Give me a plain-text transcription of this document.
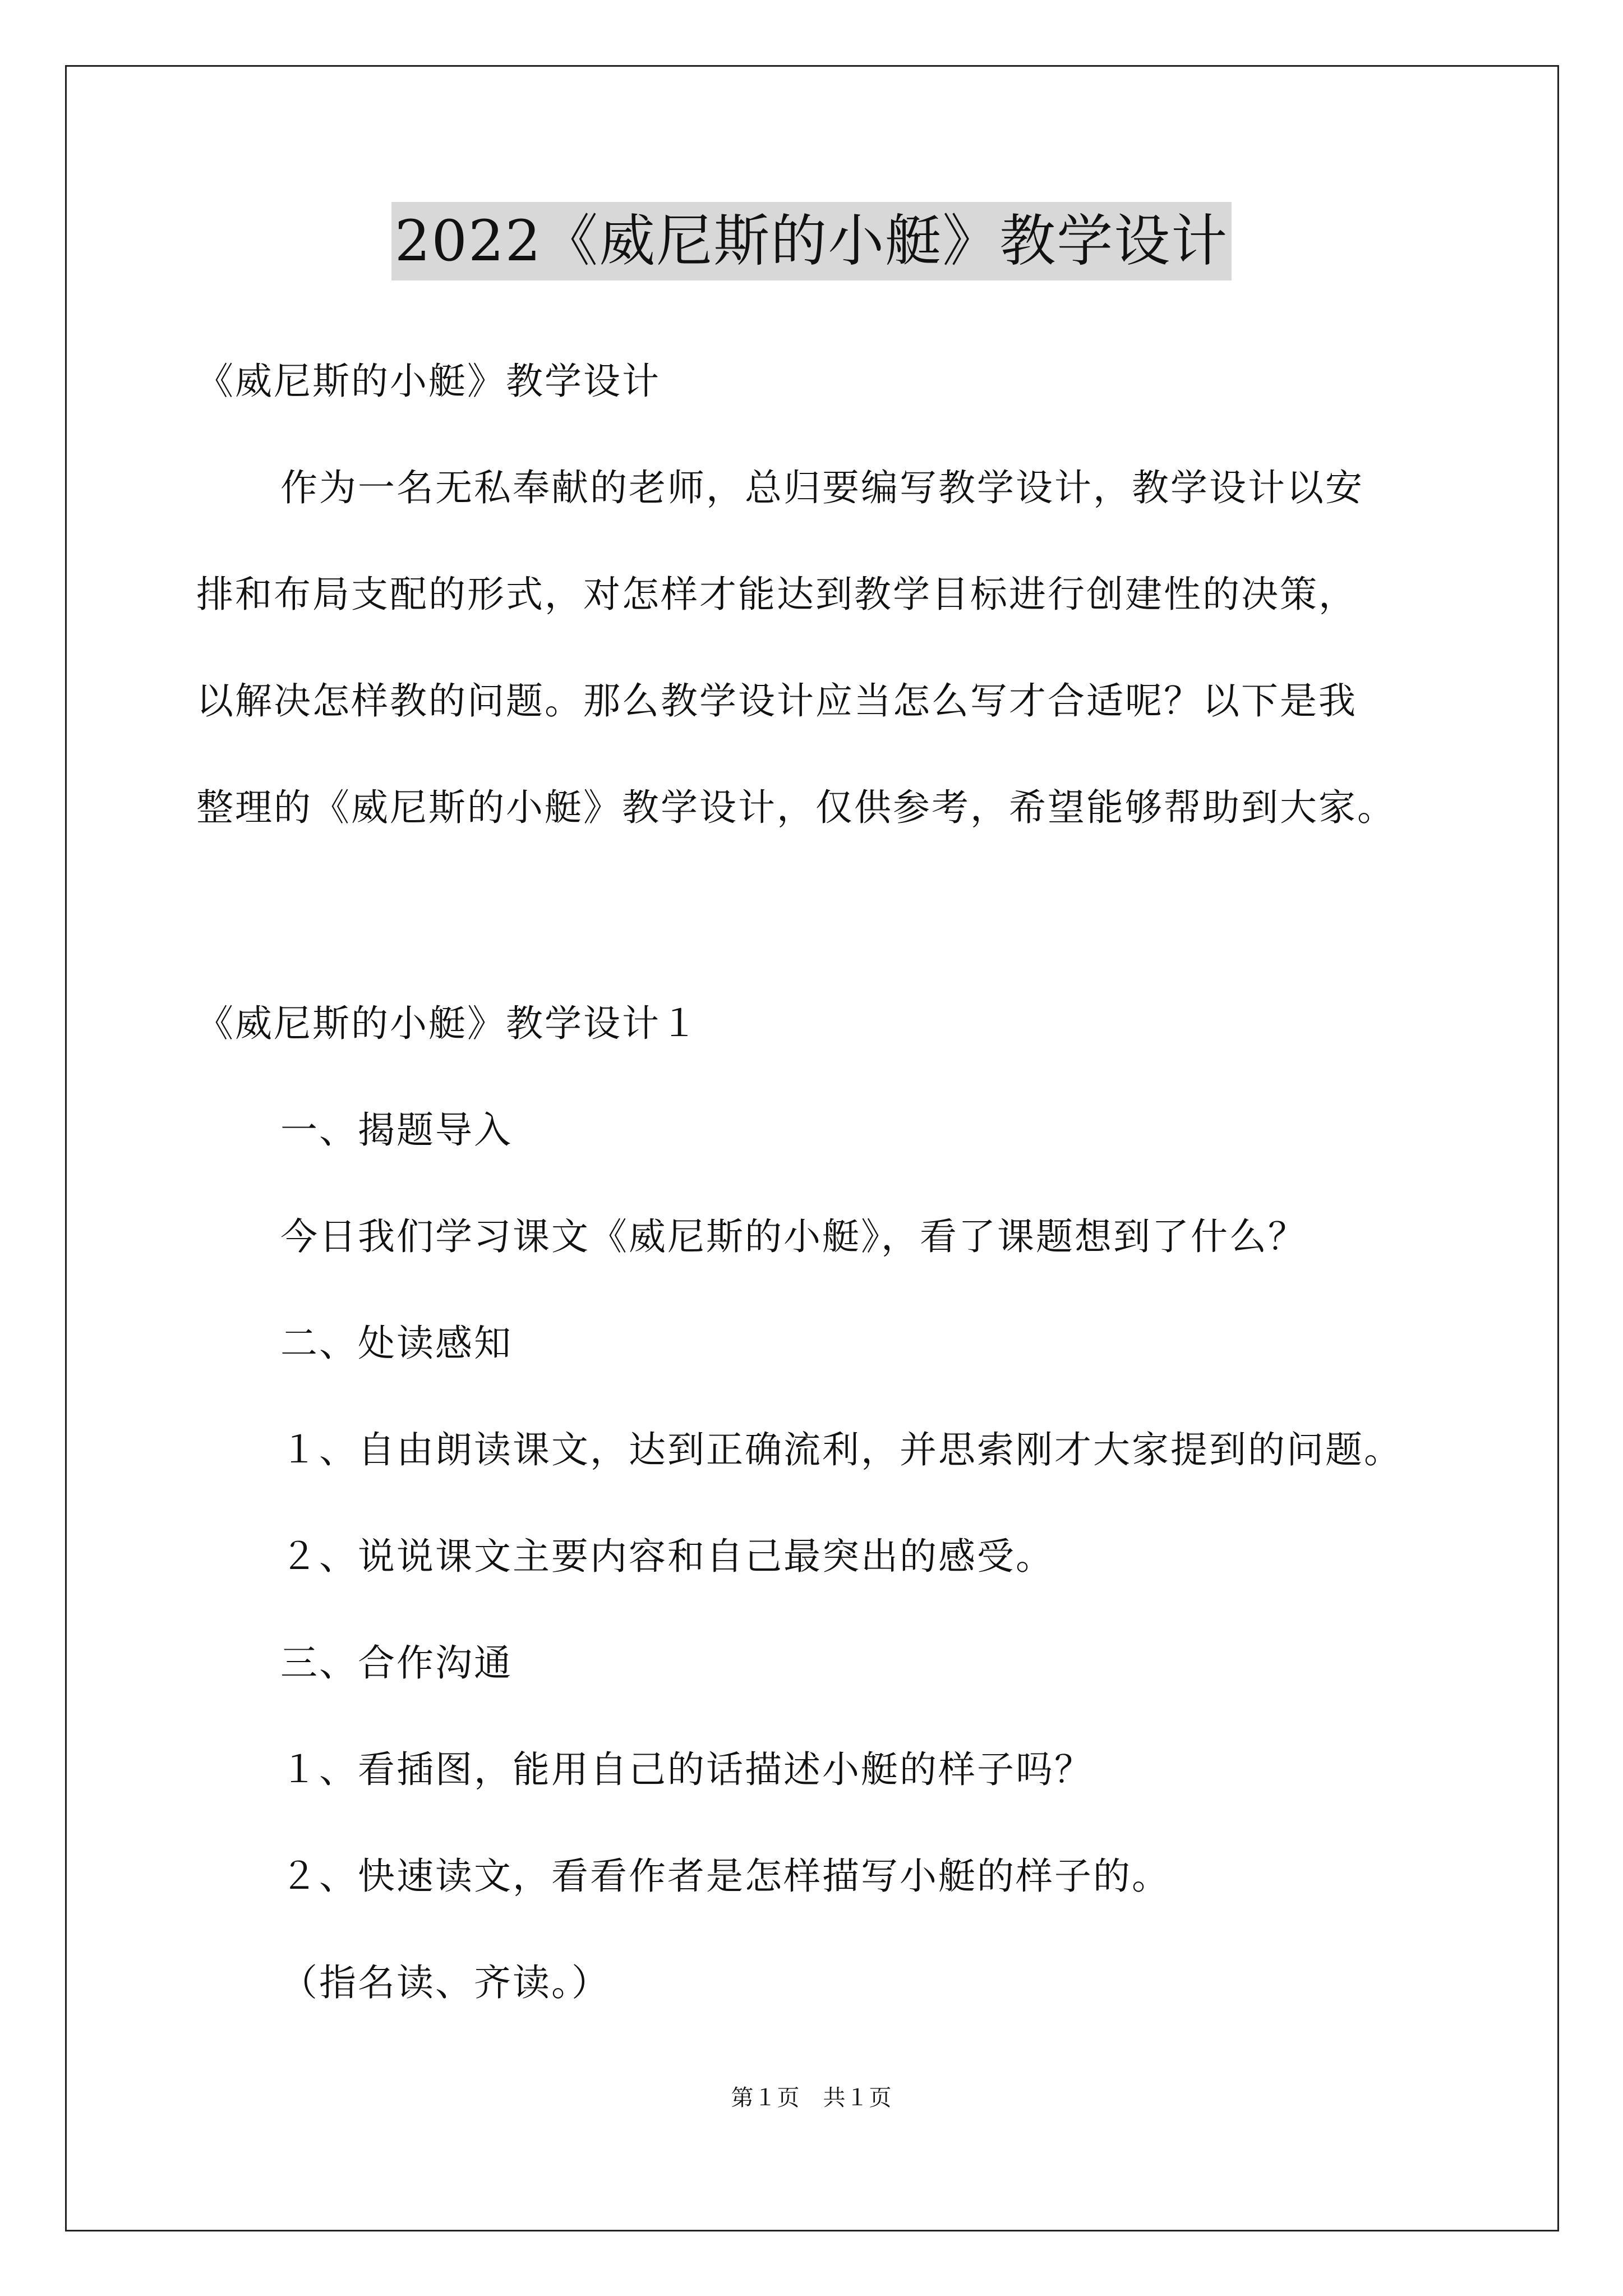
2022《威尼斯的小艇》教学设计
《威尼斯的小艇》教学设计
作为一名无私奉献的老师，总归要编写教学设计，教学设计以安
排和布局支配的形式，对怎样才能达到教学目标进行创建性的决策，
以解决怎样教的问题。那么教学设计应当怎么写才合适呢？以下是我
整理的《威尼斯的小艇》教学设计，仅供参考，希望能够帮助到大家。
《威尼斯的小艇》教学设计１
一、揭题导入
今日我们学习课文《威尼斯的小艇》，看了课题想到了什么？
二、处读感知
１、自由朗读课文，达到正确流利，并思索刚才大家提到的问题。
２、说说课文主要内容和自己最突出的感受。
三、合作沟通
１、看插图，能用自己的话描述小艇的样子吗？
２、快速读文，看看作者是怎样描写小艇的样子的。
（指名读、齐读。）
第１页　共１页
